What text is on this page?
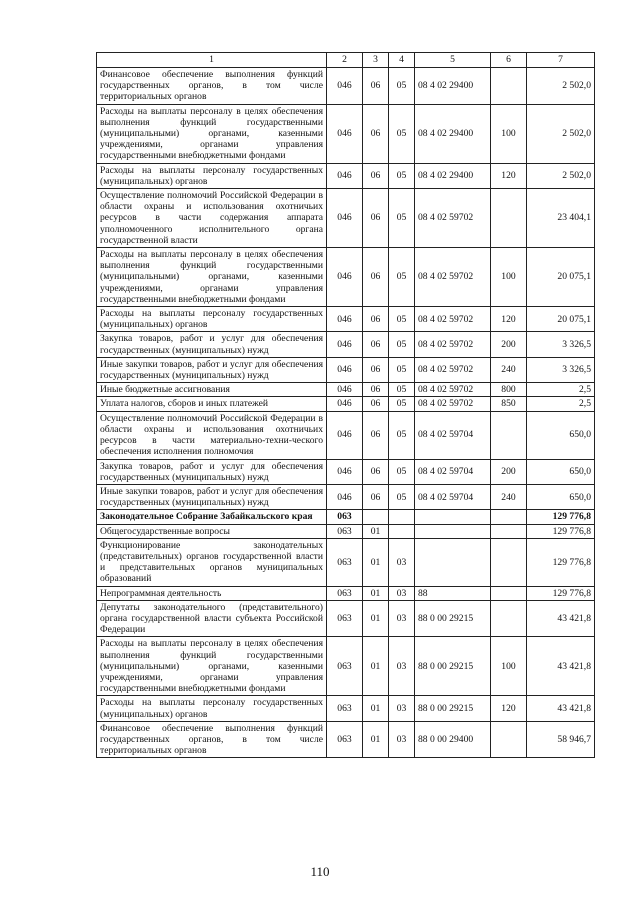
1	2	3	4	5	6	7
Финансовое обеспечение выполнения функций государственных органов, в том числе территориальных органов	046	06	05	08 4 02 29400		2 502,0
Расходы на выплаты персоналу в целях обеспечения выполнения функций государственными (муниципальными) органами, казенными учреждениями, органами управления государственными внебюджетными фондами	046	06	05	08 4 02 29400	100	2 502,0
Расходы на выплаты персоналу государственных (муниципальных) органов	046	06	05	08 4 02 29400	120	2 502,0
Осуществление полномочий Российской Федерации в области охраны и использования охотничьих ресурсов в части содержания аппарата уполномоченного исполнительного органа государственной власти	046	06	05	08 4 02 59702		23 404,1
Расходы на выплаты персоналу в целях обеспечения выполнения функций государственными (муниципальными) органами, казенными учреждениями, органами управления государственными внебюджетными фондами	046	06	05	08 4 02 59702	100	20 075,1
Расходы на выплаты персоналу государственных (муниципальных) органов	046	06	05	08 4 02 59702	120	20 075,1
Закупка товаров, работ и услуг для обеспечения государственных (муниципальных) нужд	046	06	05	08 4 02 59702	200	3 326,5
Иные закупки товаров, работ и услуг для обеспечения государственных (муниципальных) нужд	046	06	05	08 4 02 59702	240	3 326,5
Иные бюджетные ассигнования	046	06	05	08 4 02 59702	800	2,5
Уплата налогов, сборов и иных платежей	046	06	05	08 4 02 59702	850	2,5
Осуществление полномочий Российской Федерации в области охраны и использования охотничьих ресурсов в части материально-техни-ческого обеспечения исполнения полномочия	046	06	05	08 4 02 59704		650,0
Закупка товаров, работ и услуг для обеспечения государственных (муниципальных) нужд	046	06	05	08 4 02 59704	200	650,0
Иные закупки товаров, работ и услуг для обеспечения государственных (муниципальных) нужд	046	06	05	08 4 02 59704	240	650,0
Законодательное Собрание Забайкальского края	063					129 776,8
Общегосударственные вопросы	063	01				129 776,8
Функционирование законодательных (представительных) органов государственной власти и представительных органов муниципальных образований	063	01	03			129 776,8
Непрограммная деятельность	063	01	03	88		129 776,8
Депутаты законодательного (представительного) органа государственной власти субъекта Российской Федерации	063	01	03	88 0 00 29215		43 421,8
Расходы на выплаты персоналу в целях обеспечения выполнения функций государственными (муниципальными) органами, казенными учреждениями, органами управления государственными внебюджетными фондами	063	01	03	88 0 00 29215	100	43 421,8
Расходы на выплаты персоналу государственных (муниципальных) органов	063	01	03	88 0 00 29215	120	43 421,8
Финансовое обеспечение выполнения функций государственных органов, в том числе территориальных органов	063	01	03	88 0 00 29400		58 946,7
110
